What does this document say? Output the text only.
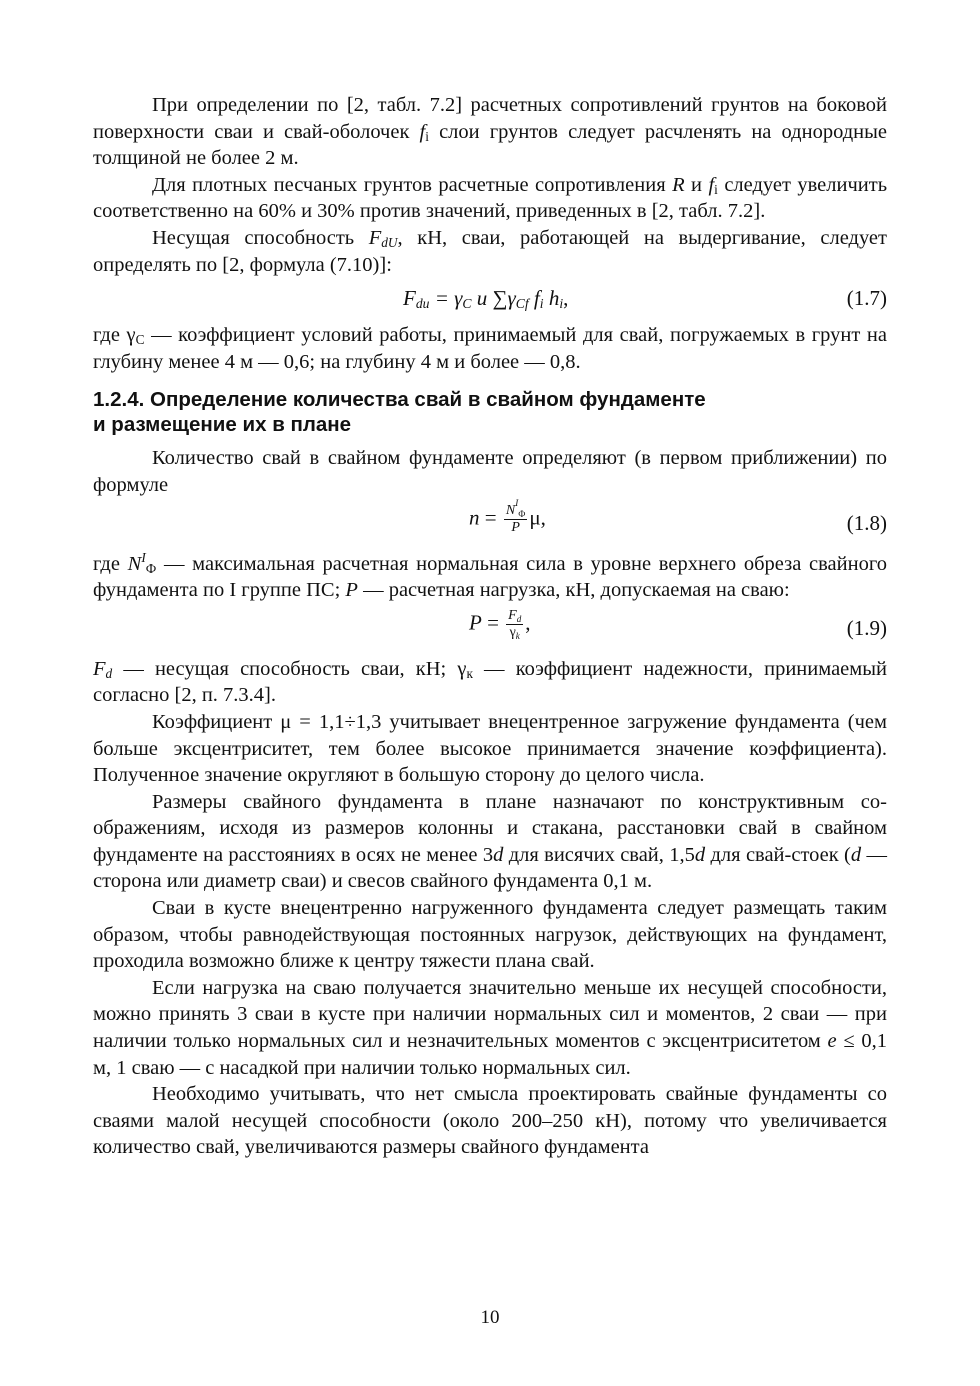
При определении по [2, табл. 7.2] расчетных сопротивлений грунтов на боковой поверхности сваи и свай-оболочек $f_i$ слои грунтов следует расчленять на однородные толщиной не более 2 м.

Для плотных песчаных грунтов расчетные сопротивления R и $f_i$ следует увеличить соответственно на 60% и 30% против значений, приведенных в [2, табл. 7.2].

Несущая способность $F_{dU}$, кН, сваи, работающей на выдергивание, следует определять по [2, формула (7.10)]:

$F_{du} = \gamma_C$ u $\sum\gamma_{Cf}$ $f_i$ $h_i$,	(1.7)

где $\gamma_C$ — коэффициент условий работы, принимаемый для свай, погружаемых в грунт на глубину менее 4 м — 0,6; на глубину 4 м и более — 0,8.

1.2.4. Определение количества свай в свайном фундаменте
и размещение их в плане

Количество свай в свайном фундаменте определяют (в первом приближении) по формуле

$n = N^I_Ф$
P μ,	(1.8)

где $N^I_Ф$ — максимальная расчетная нормальная сила в уровне верхнего обреза свайного фундамента по I группе ПС; P — расчетная нагрузка, кН, допускаемая на сваю:

$P = \frac{F_d}{\gamma_k}$ ,	(1.9)

$F_d$ — несущая способность сваи, кН; $\gamma_к$ — коэффициент надежности, принимаемый согласно [2, п. 7.3.4].

Коэффициент μ = 1,1÷1,3 учитывает внецентренное загружение фундамента (чем больше эксцентриситет, тем более высокое принимается значение коэффициента). Полученное значение округляют в большую сторону до целого числа.

Размеры свайного фундамента в плане назначают по конструктивным соображениям, исходя из размеров колонны и стакана, расстановки свай в свайном фундаменте на расстояниях в осях не менее 3d для висячих свай, 1,5d для свай-стоек (d — сторона или диаметр сваи) и свесов свайного фундамента 0,1 м.

Сваи в кусте внецентренно нагруженного фундамента следует размещать таким образом, чтобы равнодействующая постоянных нагрузок, действующих на фундамент, проходила возможно ближе к центру тяжести плана свай.

Если нагрузка на сваю получается значительно меньше их несущей способности, можно принять 3 сваи в кусте при наличии нормальных сил и моментов, 2 сваи — при наличии только нормальных сил и незначительных моментов с эксцентриситетом e ≤ 0,1 м, 1 сваю — с насадкой при наличии только нормальных сил.

Необходимо учитывать, что нет смысла проектировать свайные фундаменты со сваями малой несущей способности (около 200–250 кН), потому что увеличивается количество свай, увеличиваются размеры свайного фундамента

10
